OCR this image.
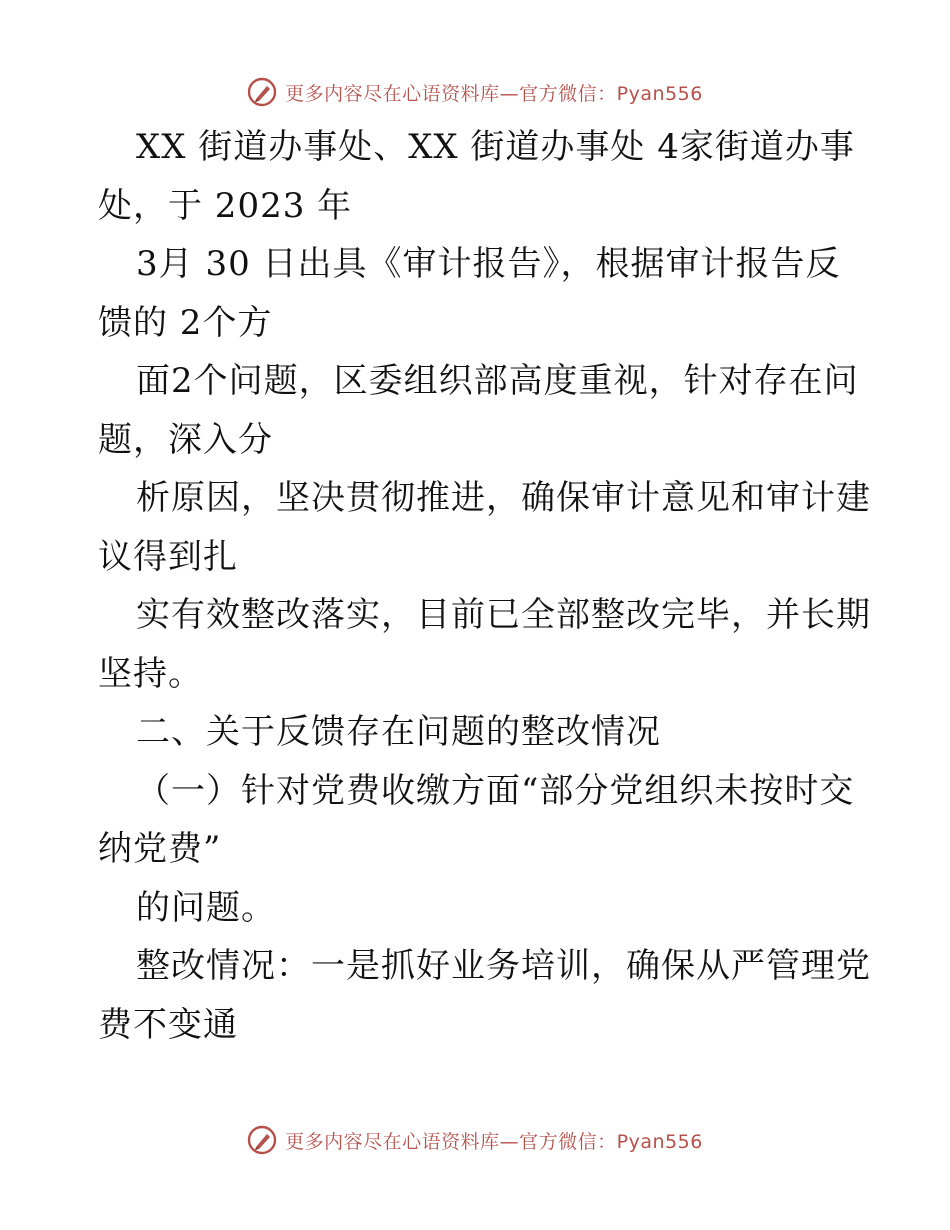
更多内容尽在心语资料库—官方微信：Pyan556
XX 街道办事处、XX 街道办事处 4家街道办事
处，于 2023 年
3月 30 日出具《审计报告》，根据审计报告反
馈的 2个方
面2个问题，区委组织部高度重视，针对存在问
题，深入分
析原因，坚决贯彻推进，确保审计意见和审计建
议得到扎
实有效整改落实，目前已全部整改完毕，并长期
坚持。
二、关于反馈存在问题的整改情况
（一）针对党费收缴方面“部分党组织未按时交
纳党费”
的问题。
整改情况：一是抓好业务培训，确保从严管理党
费不变通
更多内容尽在心语资料库—官方微信：Pyan556
